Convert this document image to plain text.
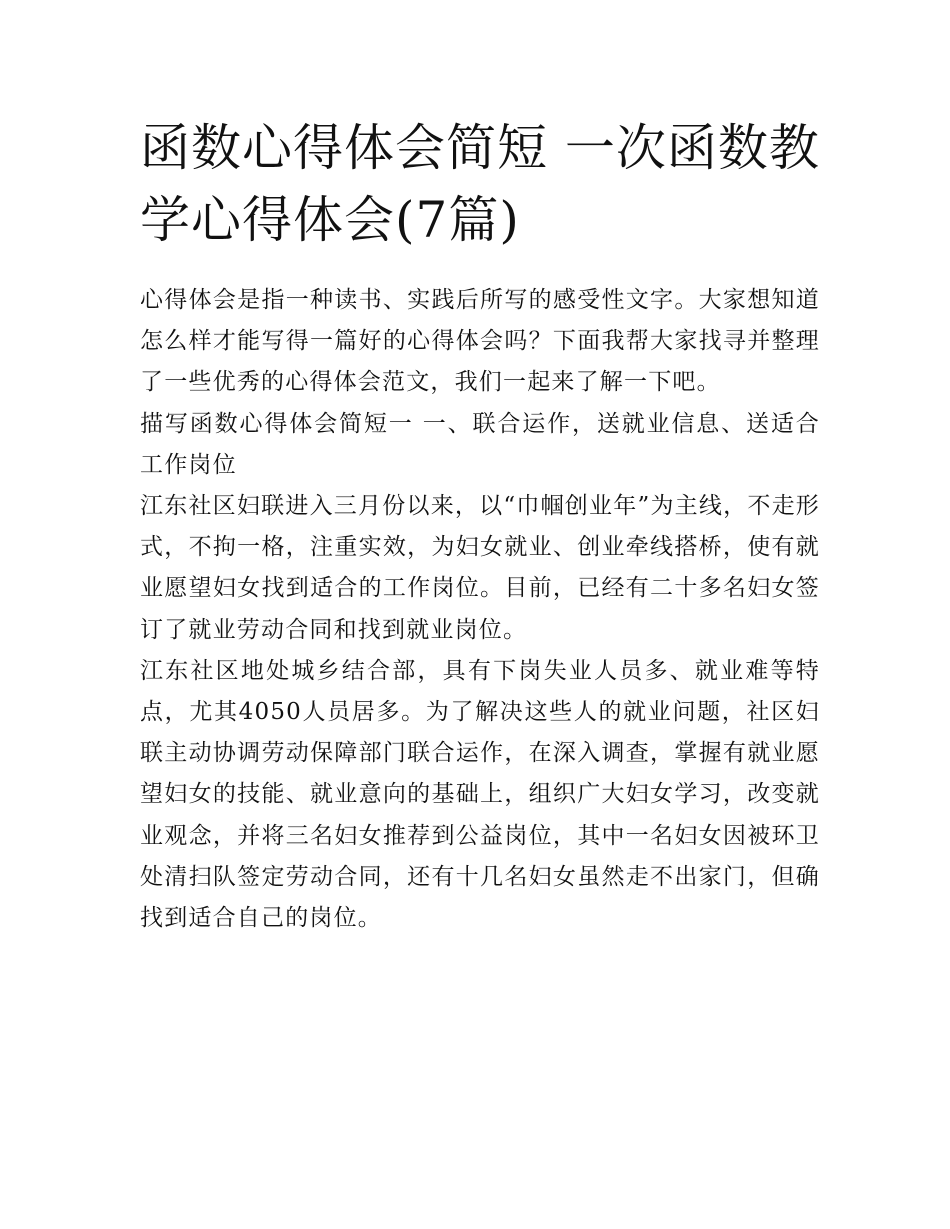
函数心得体会简短 一次函数教学心得体会(7篇)

心得体会是指一种读书、实践后所写的感受性文字。大家想知道怎么样才能写得一篇好的心得体会吗？下面我帮大家找寻并整理了一些优秀的心得体会范文，我们一起来了解一下吧。

描写函数心得体会简短一 一、联合运作，送就业信息、送适合工作岗位

江东社区妇联进入三月份以来，以“巾帼创业年”为主线，不走形式，不拘一格，注重实效，为妇女就业、创业牵线搭桥，使有就业愿望妇女找到适合的工作岗位。目前，已经有二十多名妇女签订了就业劳动合同和找到就业岗位。

江东社区地处城乡结合部，具有下岗失业人员多、就业难等特点，尤其4050人员居多。为了解决这些人的就业问题，社区妇联主动协调劳动保障部门联合运作，在深入调查，掌握有就业愿望妇女的技能、就业意向的基础上，组织广大妇女学习，改变就业观念，并将三名妇女推荐到公益岗位，其中一名妇女因被环卫处清扫队签定劳动合同，还有十几名妇女虽然走不出家门，但确找到适合自己的岗位。
